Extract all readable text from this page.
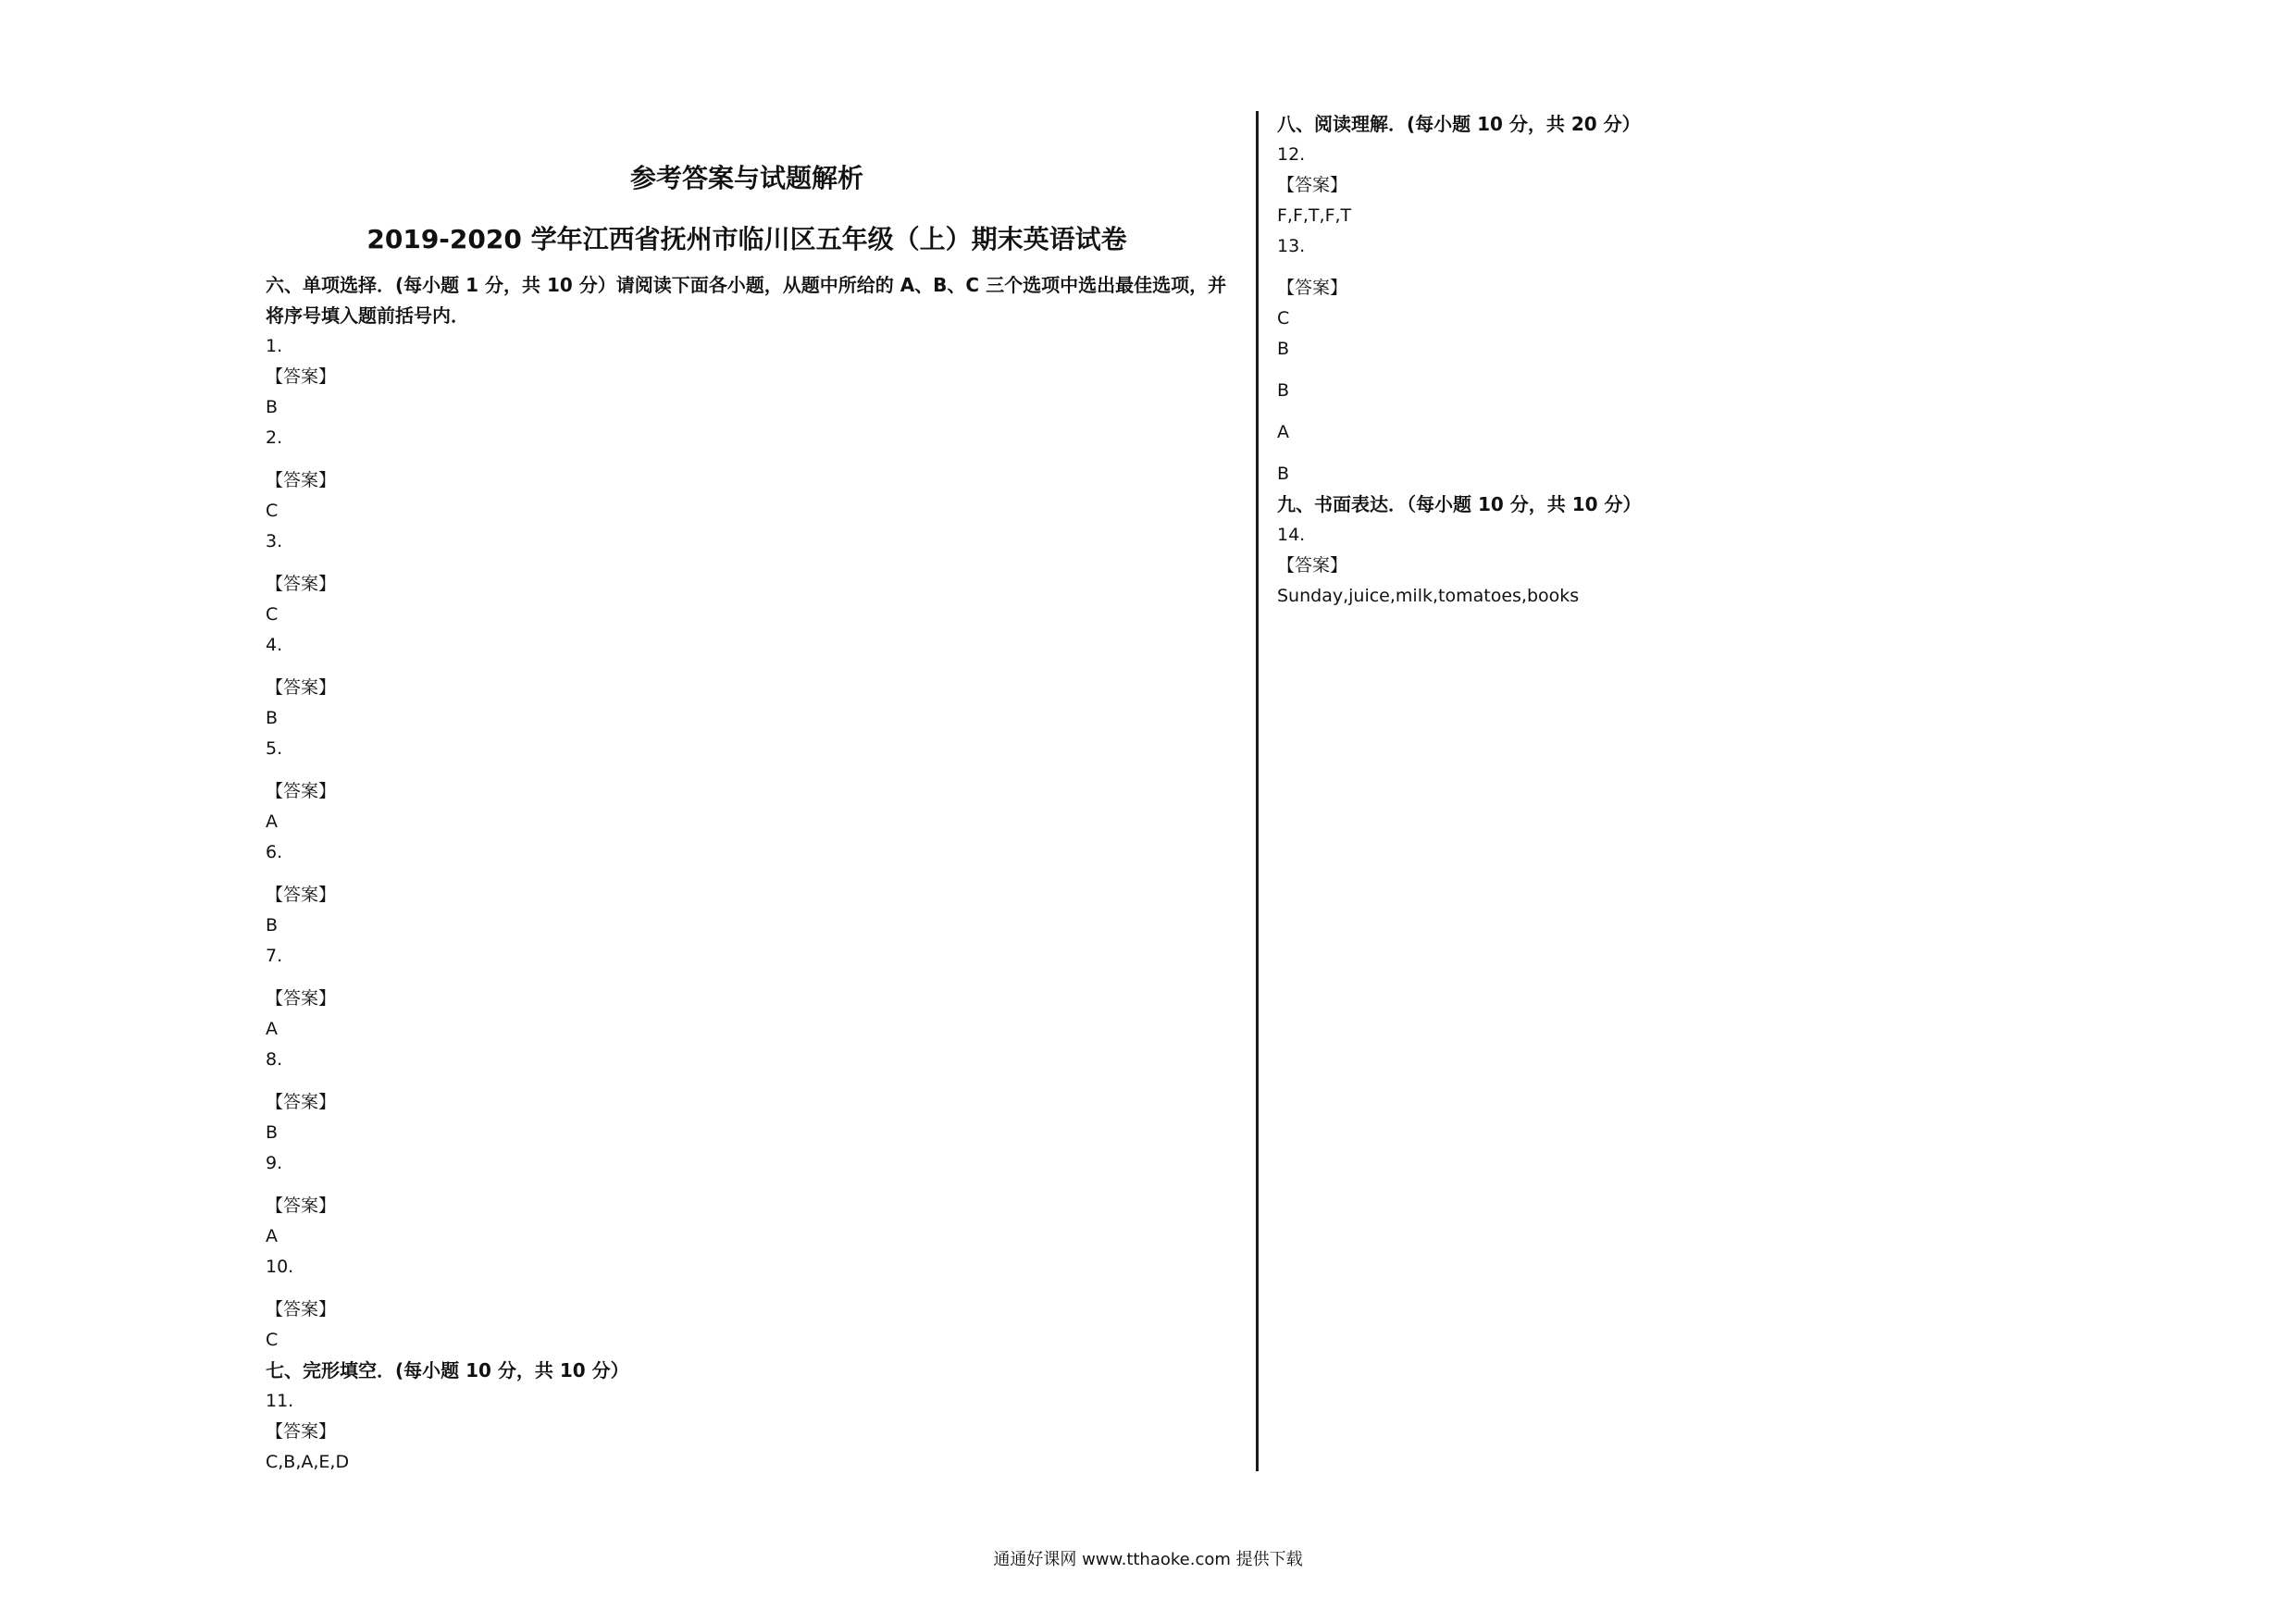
参考答案与试题解析
2019-2020 学年江西省抚州市临川区五年级（上）期末英语试卷

六、单项选择．(每小题 1 分，共 10 分）请阅读下面各小题，从题中所给的 A、B、C 三个选项中选出最佳选项，并将序号填入题前括号内．

1.

【答案】

B

2.

【答案】

C

3.

【答案】

C

4.

【答案】

B

5.

【答案】

A

6.

【答案】

B

7.

【答案】

A

8.

【答案】

B

9.

【答案】

A

10.

【答案】

C

七、完形填空．(每小题 10 分，共 10 分）

11.

【答案】

C,B,A,E,D

八、阅读理解．(每小题 10 分，共 20 分）

12.

【答案】

F,F,T,F,T

13.

【答案】

C

B

B

A

B

九、书面表达．（每小题 10 分，共 10 分）

14.

【答案】

Sunday,juice,milk,tomatoes,books

通通好课网 www.tthaoke.com 提供下载
